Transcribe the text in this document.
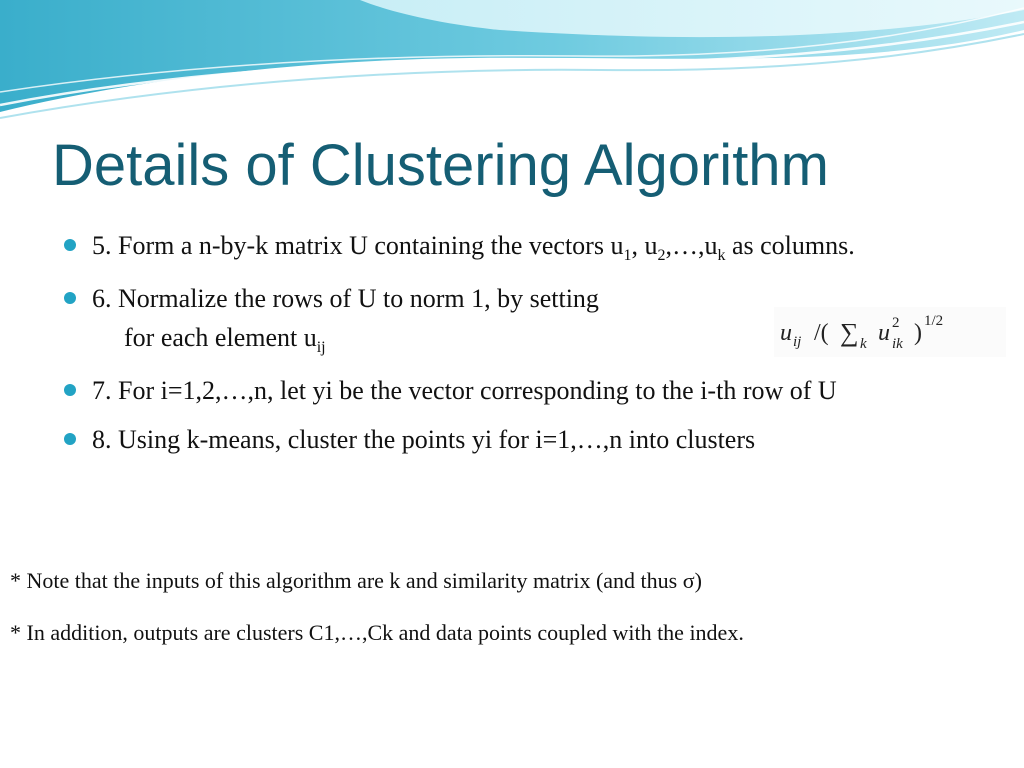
Details of Clustering Algorithm
5. Form a n-by-k matrix U containing the vectors $u_1$, $u_2,\dots,u_k$ as columns.
6. Normalize the rows of U to norm 1, by setting
for each element $u_{ij}$
7. For i=1,2,…,n, let yi be the vector corresponding to the i-th row of U
8. Using k-means, cluster the points yi for i=1,…,n into clusters
u ij /( ∑ k u 2
ik ) 1/2

* Note that the inputs of this algorithm are k and similarity matrix (and thus σ)

* In addition, outputs are clusters C1,…,Ck and data points coupled with the index.
